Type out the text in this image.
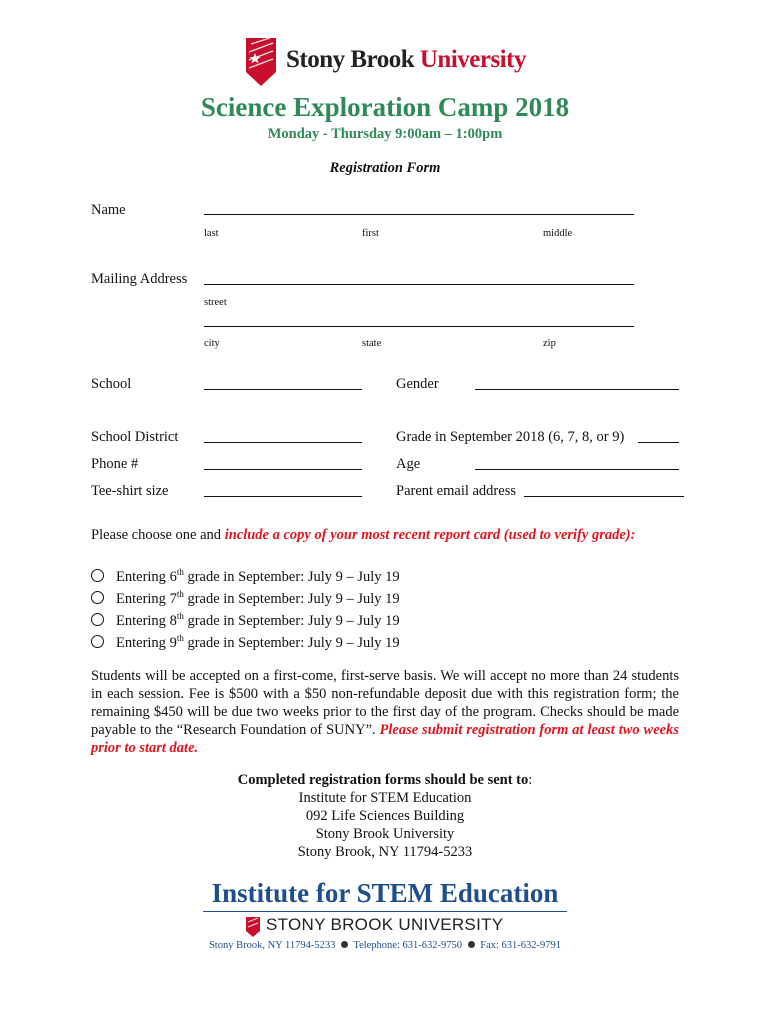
Stony Brook University
Science Exploration Camp 2018
Monday - Thursday 9:00am – 1:00pm
Registration Form
Name
last	first	middle
Mailing Address
street
city	state	zip
School	Gender
School District	Grade in September 2018 (6, 7, 8, or 9)
Phone #	Age
Tee-shirt size	Parent email address
Please choose one and include a copy of your most recent report card (used to verify grade):
Entering 6th grade in September: July 9 – July 19
Entering 7th grade in September: July 9 – July 19
Entering 8th grade in September: July 9 – July 19
Entering 9th grade in September: July 9 – July 19
Students will be accepted on a first-come, first-serve basis. We will accept no more than 24 students in each session. Fee is $500 with a $50 non-refundable deposit due with this registration form; the remaining $450 will be due two weeks prior to the first day of the program. Checks should be made payable to the “Research Foundation of SUNY”. Please submit registration form at least two weeks prior to start date.
Completed registration forms should be sent to:
Institute for STEM Education
092 Life Sciences Building
Stony Brook University
Stony Brook, NY 11794-5233
Institute for STEM Education
STONY BROOK UNIVERSITY
Stony Brook, NY 11794-5233 Telephone: 631-632-9750 Fax: 631-632-9791
